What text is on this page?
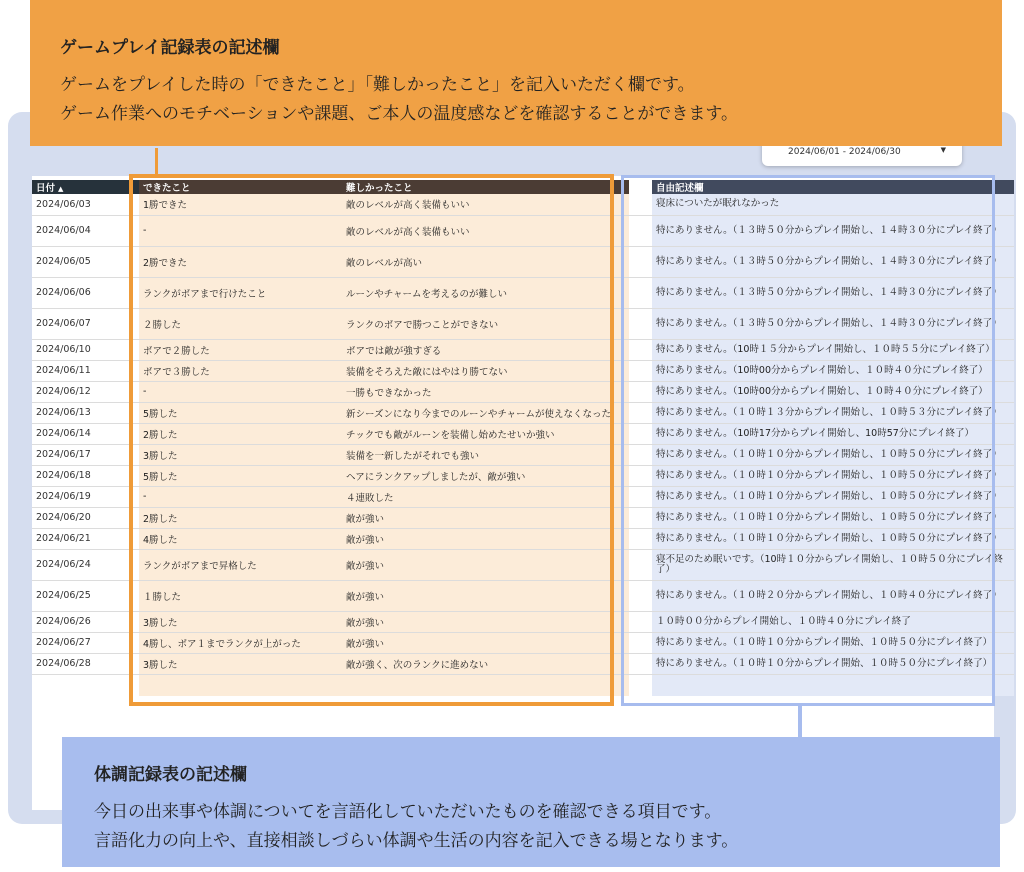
2024/06/01 - 2024/06/30	▼
日付 ▲	できたこと	難しかったこと		自由記述欄
2024/06/03	1勝できた	敵のレベルが高く装備もいい		寝床についたが眠れなかった
2024/06/04	-	敵のレベルが高く装備もいい		特にありません。（１３時５０分からプレイ開始し、１４時３０分にプレイ終了）
2024/06/05	2勝できた	敵のレベルが高い		特にありません。（１３時５０分からプレイ開始し、１４時３０分にプレイ終了）
2024/06/06	ランクがボアまで行けたこと	ルーンやチャームを考えるのが難しい		特にありません。（１３時５０分からプレイ開始し、１４時３０分にプレイ終了）
2024/06/07	２勝した	ランクのボアで勝つことができない		特にありません。（１３時５０分からプレイ開始し、１４時３０分にプレイ終了）
2024/06/10	ボアで２勝した	ボアでは敵が強すぎる		特にありません。（10時１５分からプレイ開始し、１０時５５分にプレイ終了）
2024/06/11	ボアで３勝した	装備をそろえた敵にはやはり勝てない		特にありません。（10時00分からプレイ開始し、１０時４０分にプレイ終了）
2024/06/12	-	一勝もできなかった		特にありません。（10時00分からプレイ開始し、１０時４０分にプレイ終了）
2024/06/13	5勝した	新シーズンになり今までのルーンやチャームが使えなくなった		特にありません。（１０時１３分からプレイ開始し、１０時５３分にプレイ終了）
2024/06/14	2勝した	チックでも敵がルーンを装備し始めたせいか強い		特にありません。（10時17分からプレイ開始し、10時57分にプレイ終了）
2024/06/17	3勝した	装備を一新したがそれでも強い		特にありません。（１０時１０分からプレイ開始し、１０時５０分にプレイ終了）
2024/06/18	5勝した	ヘアにランクアップしましたが、敵が強い		特にありません。（１０時１０分からプレイ開始し、１０時５０分にプレイ終了）
2024/06/19	-	４連敗した		特にありません。（１０時１０分からプレイ開始し、１０時５０分にプレイ終了）
2024/06/20	2勝した	敵が強い		特にありません。（１０時１０分からプレイ開始し、１０時５０分にプレイ終了）
2024/06/21	4勝した	敵が強い		特にありません。（１０時１０分からプレイ開始し、１０時５０分にプレイ終了）
2024/06/24	ランクがボアまで昇格した	敵が強い		寝不足のため眠いです。（10時１０分からプレイ開始し、１０時５０分にプレイ終了）
2024/06/25	１勝した	敵が強い		特にありません。（１０時２０分からプレイ開始し、１０時４０分にプレイ終了）
2024/06/26	3勝した	敵が強い		１０時００分からプレイ開始し、１０時４０分にプレイ終了
2024/06/27	4勝し、ボア１までランクが上がった	敵が強い		特にありません。（１０時１０分からプレイ開始、１０時５０分にプレイ終了）
2024/06/28	3勝した	敵が強く、次のランクに進めない		特にありません。（１０時１０分からプレイ開始、１０時５０分にプレイ終了）

ゲームプレイ記録表の記述欄
ゲームをプレイした時の「できたこと」「難しかったこと」を記入いただく欄です。
ゲーム作業へのモチベーションや課題、ご本人の温度感などを確認することができます。
体調記録表の記述欄
今日の出来事や体調についてを言語化していただいたものを確認できる項目です。
言語化力の向上や、直接相談しづらい体調や生活の内容を記入できる場となります。
